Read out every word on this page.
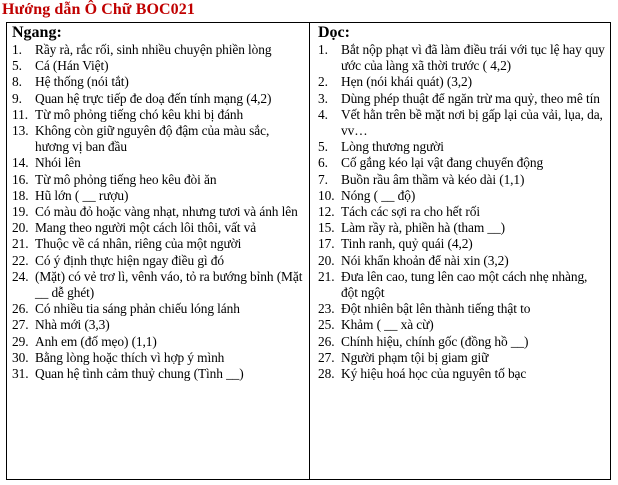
Hướng dẫn Ô Chữ BOC021
Ngang:
1. Rầy rà, rắc rối, sinh nhiều chuyện phiền lòng
5. Cá (Hán Việt)
8. Hệ thống (nói tắt)
9. Quan hệ trực tiếp đe doạ đến tính mạng (4,2)
11. Từ mô phỏng tiếng chó kêu khi bị đánh
13. Không còn giữ nguyên độ đậm của màu sắc, hương vị ban đầu
14. Nhói lên
16. Từ mô phỏng tiếng heo kêu đòi ăn
18. Hũ lớn ( __ rượu)
19. Có màu đỏ hoặc vàng nhạt, nhưng tươi và ánh lên
20. Mang theo người một cách lôi thôi, vất vả
21. Thuộc về cá nhân, riêng của một người
22. Có ý định thực hiện ngay điều gì đó
24. (Mặt) có vẻ trơ lì, vênh váo, tỏ ra bướng bỉnh (Mặt __ dễ ghét)
26. Có nhiều tia sáng phản chiếu lóng lánh
27. Nhà mới (3,3)
29. Anh em (đố mẹo) (1,1)
30. Bằng lòng hoặc thích vì hợp ý mình
31. Quan hệ tình cảm thuỷ chung (Tình __)
Dọc:
1. Bắt nộp phạt vì đã làm điều trái với tục lệ hay quy ước của làng xã thời trước ( 4,2)
2. Hẹn (nói khái quát) (3,2)
3. Dùng phép thuật để ngăn trừ ma quỷ, theo mê tín
4. Vết hằn trên bề mặt nơi bị gấp lại của vải, lụa, da, vv…
5. Lòng thương người
6. Cố gắng kéo lại vật đang chuyển động
7. Buồn rầu âm thầm và kéo dài (1,1)
10. Nóng ( __ độ)
12. Tách các sợi ra cho hết rối
15. Làm rầy rà, phiền hà (tham __)
17. Tinh ranh, quỷ quái (4,2)
20. Nói khẩn khoản để nài xin (3,2)
21. Đưa lên cao, tung lên cao một cách nhẹ nhàng, đột ngột
23. Đột nhiên bật lên thành tiếng thật to
25. Khảm ( __ xà cừ)
26. Chính hiệu, chính gốc (đồng hồ __)
27. Người phạm tội bị giam giữ
28. Ký hiệu hoá học của nguyên tố bạc
